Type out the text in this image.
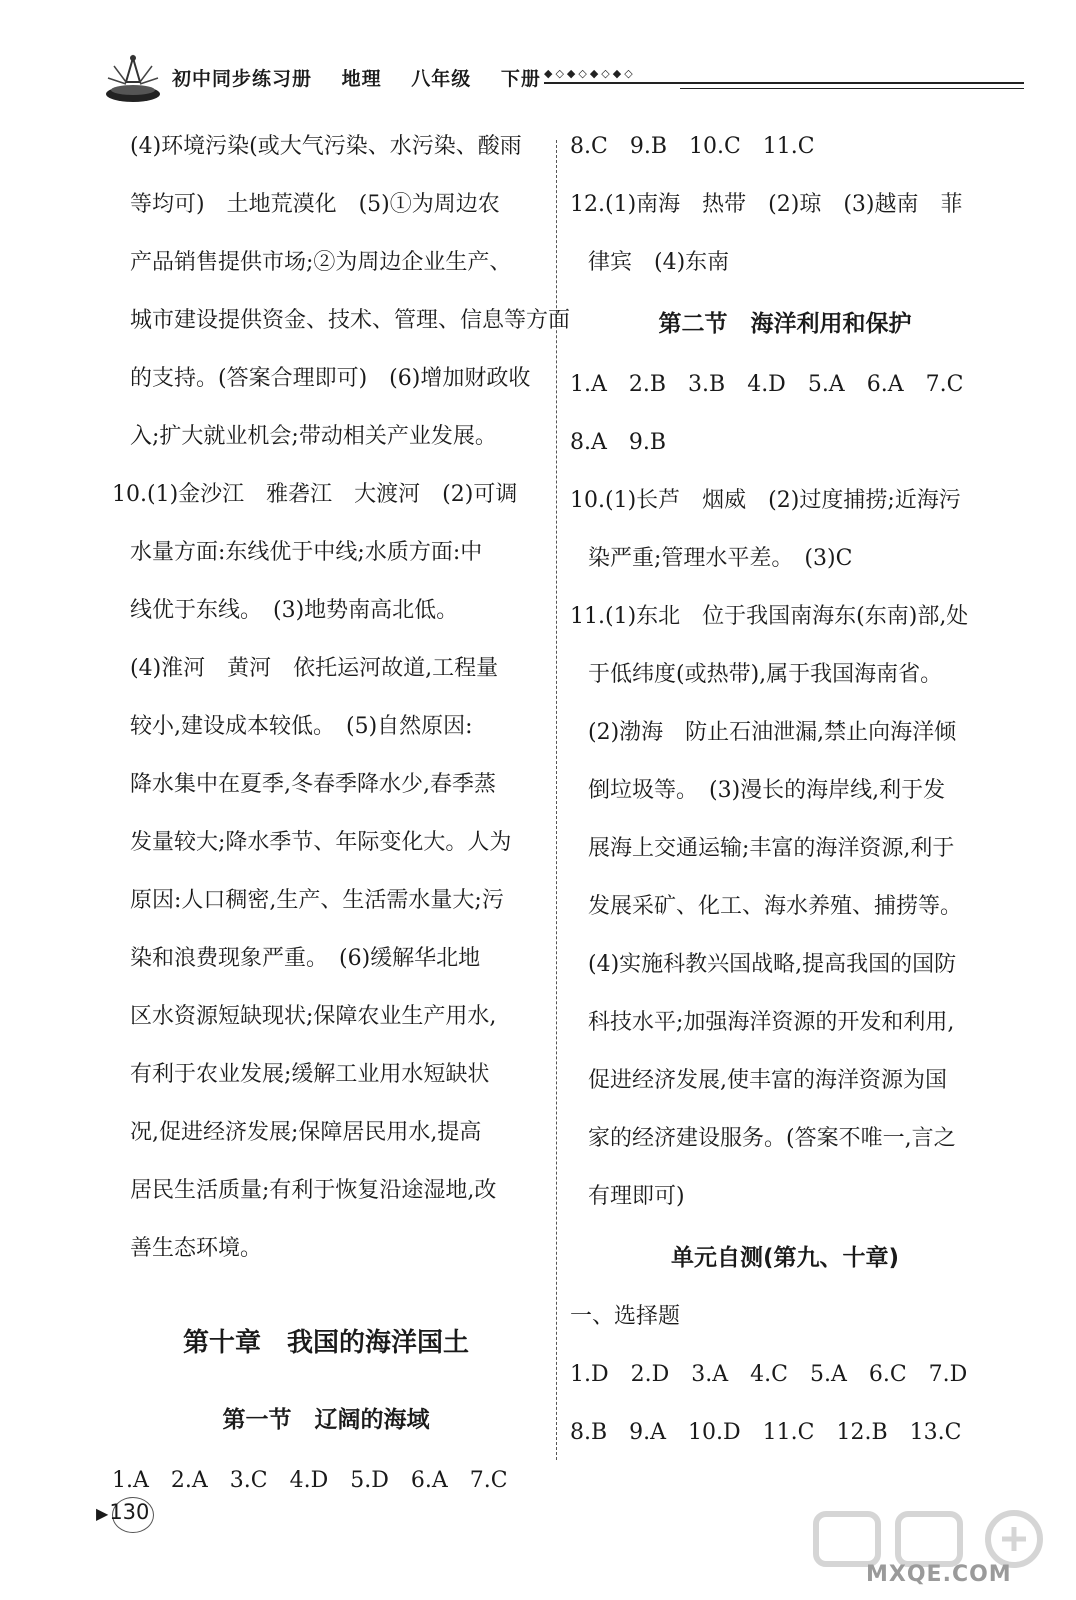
初中同步练习册 地理 八年级 下册 ◆◇◆◇◆◇◆◇
(4)环境污染(或大气污染、水污染、酸雨
等均可)　土地荒漠化　(5)①为周边农
产品销售提供市场;②为周边企业生产、
城市建设提供资金、技术、管理、信息等方面
的支持。(答案合理即可)　(6)增加财政收
入;扩大就业机会;带动相关产业发展。
10.(1)金沙江　雅砻江　大渡河　(2)可调
水量方面:东线优于中线;水质方面:中
线优于东线。　(3)地势南高北低。
(4)淮河　黄河　依托运河故道,工程量
较小,建设成本较低。　(5)自然原因:
降水集中在夏季,冬春季降水少,春季蒸
发量较大;降水季节、年际变化大。人为
原因:人口稠密,生产、生活需水量大;污
染和浪费现象严重。　(6)缓解华北地
区水资源短缺现状;保障农业生产用水,
有利于农业发展;缓解工业用水短缺状
况,促进经济发展;保障居民用水,提高
居民生活质量;有利于恢复沿途湿地,改
善生态环境。
第十章　我国的海洋国土
第一节　辽阔的海域
1.A　2.A　3.C　4.D　5.D　6.A　7.C
8.C　9.B　10.C　11.C
12.(1)南海　热带　(2)琼　(3)越南　菲
律宾　(4)东南
第二节　海洋利用和保护
1.A　2.B　3.B　4.D　5.A　6.A　7.C
8.A　9.B
10.(1)长芦　烟威　(2)过度捕捞;近海污
染严重;管理水平差。　(3)C
11.(1)东北　位于我国南海东(东南)部,处
于低纬度(或热带),属于我国海南省。
(2)渤海　防止石油泄漏,禁止向海洋倾
倒垃圾等。　(3)漫长的海岸线,利于发
展海上交通运输;丰富的海洋资源,利于
发展采矿、化工、海水养殖、捕捞等。
(4)实施科教兴国战略,提高我国的国防
科技水平;加强海洋资源的开发和利用,
促进经济发展,使丰富的海洋资源为国
家的经济建设服务。(答案不唯一,言之
有理即可)
单元自测(第九、十章)
一、选择题
1.D　2.D　3.A　4.C　5.A　6.C　7.D
8.B　9.A　10.D　11.C　12.B　13.C
▶130
MXQE.COM
